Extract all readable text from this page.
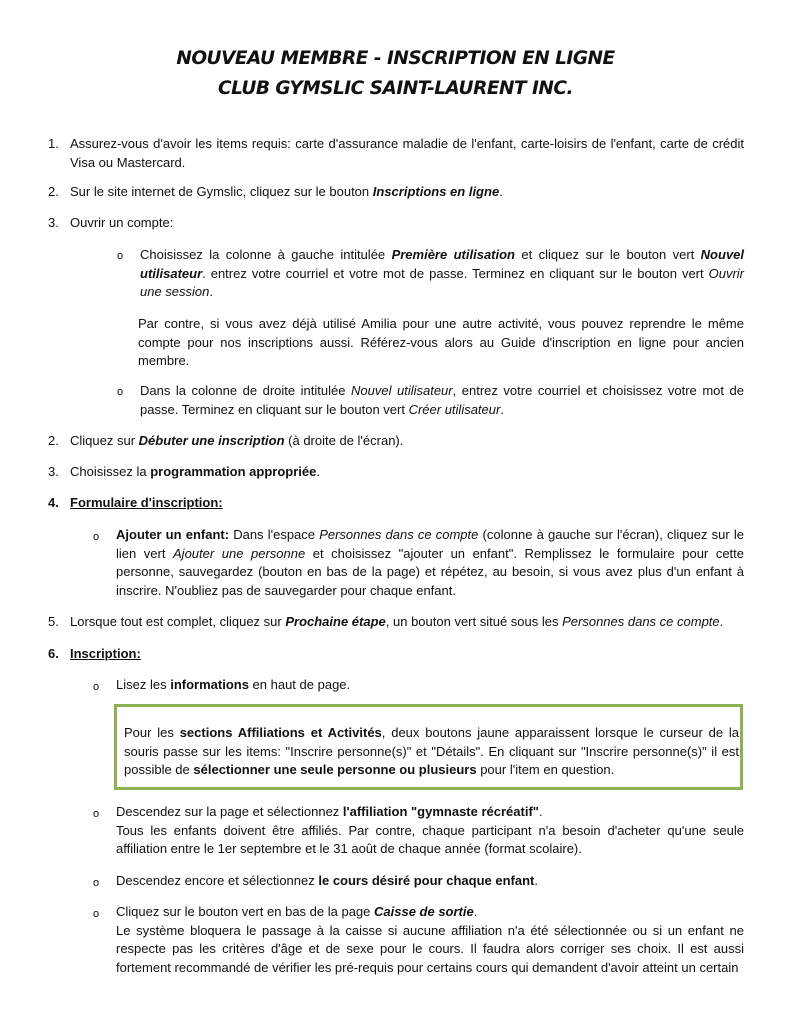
NOUVEAU MEMBRE - INSCRIPTION EN LIGNE
CLUB GYMSLIC SAINT-LAURENT INC.
1. Assurez-vous d'avoir les items requis: carte d'assurance maladie de l'enfant, carte-loisirs de l'enfant, carte de crédit Visa ou Mastercard.
2. Sur le site internet de Gymslic, cliquez sur le bouton Inscriptions en ligne.
3. Ouvrir un compte:
o Choisissez la colonne à gauche intitulée Première utilisation et cliquez sur le bouton vert Nouvel utilisateur. entrez votre courriel et votre mot de passe. Terminez en cliquant sur le bouton vert Ouvrir une session.
Par contre, si vous avez déjà utilisé Amilia pour une autre activité, vous pouvez reprendre le même compte pour nos inscriptions aussi. Référez-vous alors au Guide d'inscription en ligne pour ancien membre.
o Dans la colonne de droite intitulée Nouvel utilisateur, entrez votre courriel et choisissez votre mot de passe. Terminez en cliquant sur le bouton vert Créer utilisateur.
2. Cliquez sur Débuter une inscription (à droite de l'écran).
3. Choisissez la programmation appropriée.
4. Formulaire d'inscription:
o Ajouter un enfant: Dans l'espace Personnes dans ce compte (colonne à gauche sur l'écran), cliquez sur le lien vert Ajouter une personne et choisissez "ajouter un enfant". Remplissez le formulaire pour cette personne, sauvegardez (bouton en bas de la page) et répétez, au besoin, si vous avez plus d'un enfant à inscrire. N'oubliez pas de sauvegarder pour chaque enfant.
5. Lorsque tout est complet, cliquez sur Prochaine étape, un bouton vert situé sous les Personnes dans ce compte.
6. Inscription:
o Lisez les informations en haut de page.
Pour les sections Affiliations et Activités, deux boutons jaune apparaissent lorsque le curseur de la souris passe sur les items: "Inscrire personne(s)" et "Détails". En cliquant sur "Inscrire personne(s)" il est possible de sélectionner une seule personne ou plusieurs pour l'item en question.
o Descendez sur la page et sélectionnez l'affiliation "gymnaste récréatif".
Tous les enfants doivent être affiliés. Par contre, chaque participant n'a besoin d'acheter qu'une seule affiliation entre le 1er septembre et le 31 août de chaque année (format scolaire).
o Descendez encore et sélectionnez le cours désiré pour chaque enfant.
o Cliquez sur le bouton vert en bas de la page Caisse de sortie.
Le système bloquera le passage à la caisse si aucune affiliation n'a été sélectionnée ou si un enfant ne respecte pas les critères d'âge et de sexe pour le cours. Il faudra alors corriger ses choix. Il est aussi fortement recommandé de vérifier les pré-requis pour certains cours qui demandent d'avoir atteint un certain
